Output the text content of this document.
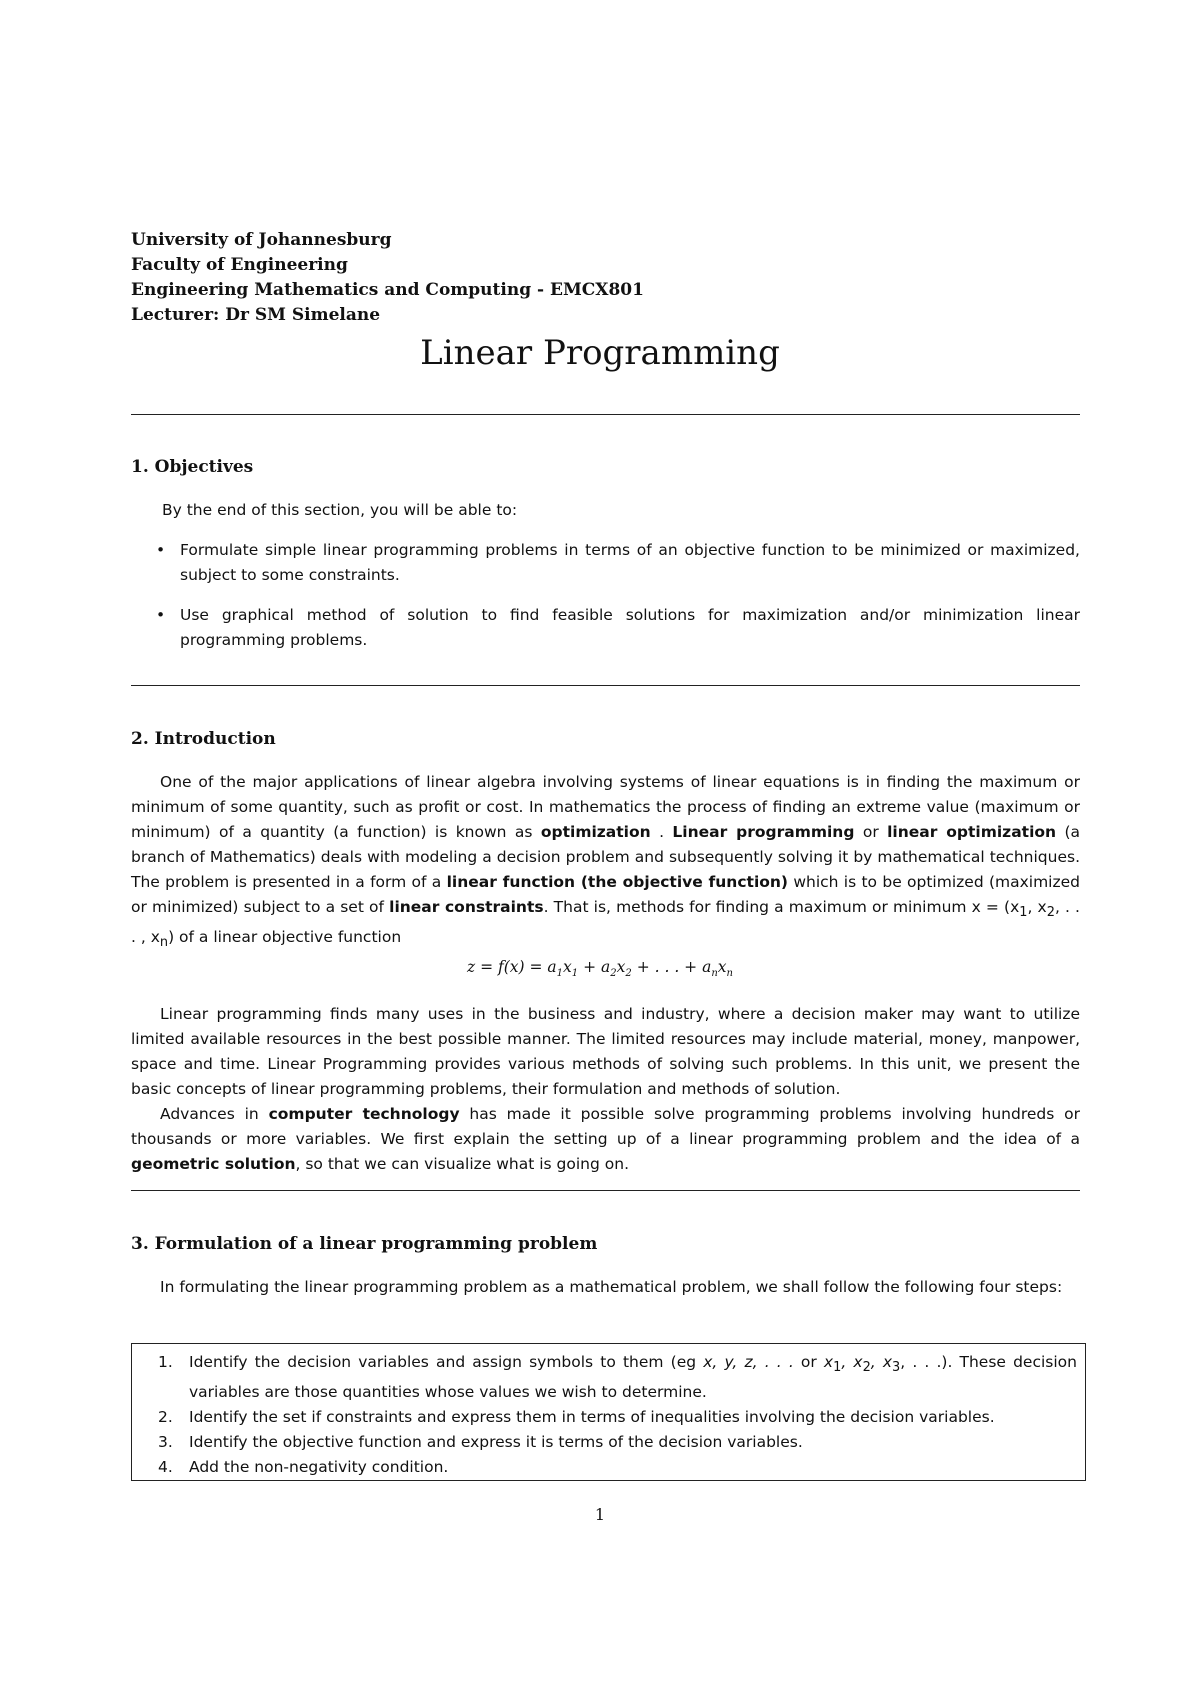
University of Johannesburg
Faculty of Engineering
Engineering Mathematics and Computing - EMCX801
Lecturer: Dr SM Simelane
Linear Programming
1. Objectives
By the end of this section, you will be able to:
• Formulate simple linear programming problems in terms of an objective function to be minimized or maximized, subject to some constraints.
• Use graphical method of solution to find feasible solutions for maximization and/or minimization linear programming problems.
2. Introduction
One of the major applications of linear algebra involving systems of linear equations is in finding the maximum or minimum of some quantity, such as profit or cost. In mathematics the process of finding an extreme value (maximum or minimum) of a quantity (a function) is known as optimization . Linear programming or linear optimization (a branch of Mathematics) deals with modeling a decision problem and subsequently solving it by mathematical techniques. The problem is presented in a form of a linear function (the objective function) which is to be optimized (maximized or minimized) subject to a set of linear constraints. That is, methods for finding a maximum or minimum $x = (x_1$, $x_2$, . . . , $x_n$) of a linear objective function
$z = f(x) = a_1x_1 + a_2x_2$ + . . . + $a_nx_n$
Linear programming finds many uses in the business and industry, where a decision maker may want to utilize limited available resources in the best possible manner. The limited resources may include material, money, manpower, space and time. Linear Programming provides various methods of solving such problems. In this unit, we present the basic concepts of linear programming problems, their formulation and methods of solution.
Advances in computer technology has made it possible solve programming problems involving hundreds or thousands or more variables. We first explain the setting up of a linear programming problem and the idea of a geometric solution, so that we can visualize what is going on.
3. Formulation of a linear programming problem
In formulating the linear programming problem as a mathematical problem, we shall follow the following four steps:
1. Identify the decision variables and assign symbols to them (eg x, y, z, . . . or $x_1$, $x_2$, $x_3$, . . .). These decision variables are those quantities whose values we wish to determine.
2. Identify the set if constraints and express them in terms of inequalities involving the decision variables.
3. Identify the objective function and express it is terms of the decision variables.
4. Add the non-negativity condition.
1
